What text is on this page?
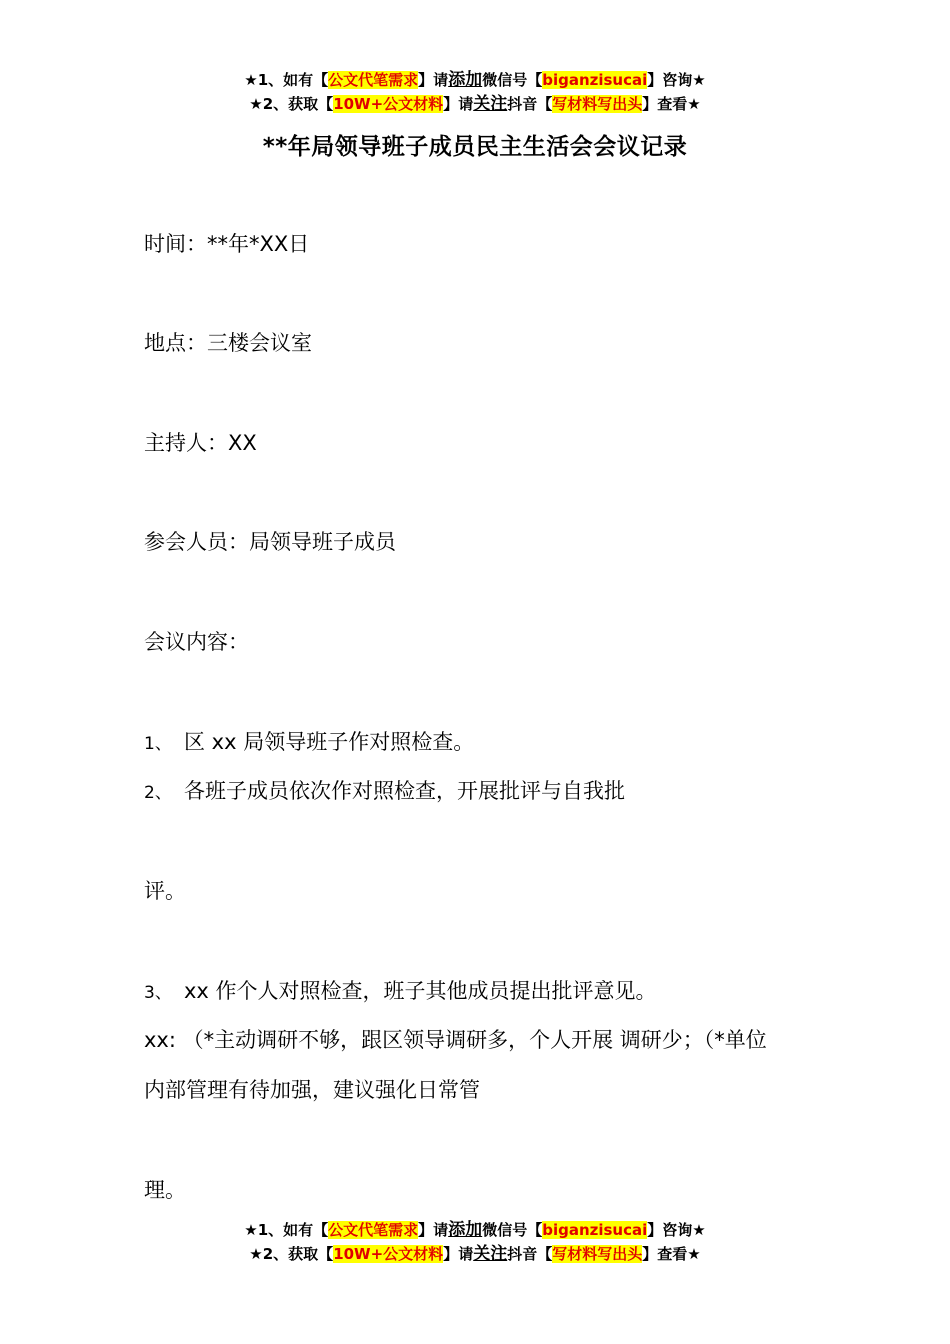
★1、如有【公文代笔需求】请添加微信号【biganzisucai】咨询★
★2、获取【10W+公文材料】请关注抖音【写材料写出头】查看★
**年局领导班子成员民主生活会会议记录
时间：**年*XX日
地点：三楼会议室
主持人：XX
参会人员：局领导班子成员
会议内容：
1、 区 xx 局领导班子作对照检查。
2、 各班子成员依次作对照检查，开展批评与自我批
评。
3、 xx 作个人对照检查，班子其他成员提出批评意见。
xx: （*主动调研不够，跟区领导调研多，个人开展 调研少；（*单位
内部管理有待加强，建议强化日常管
理。
★1、如有【公文代笔需求】请添加微信号【biganzisucai】咨询★
★2、获取【10W+公文材料】请关注抖音【写材料写出头】查看★
